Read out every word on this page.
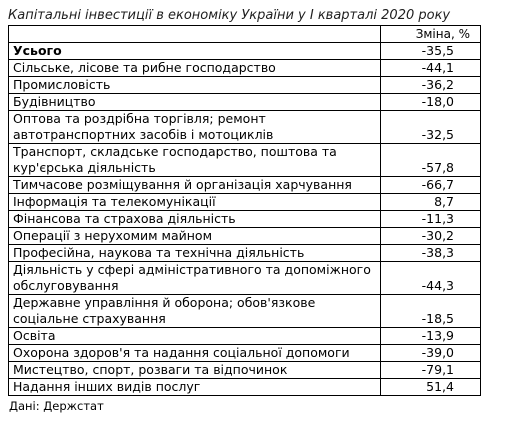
Капітальні інвестиції в економіку України у І кварталі 2020 року
	Зміна, %
Усього	-35,5
Сільське, лісове та рибне господарство	-44,1
Промисловість	-36,2
Будівництво	-18,0
Оптова та роздрібна торгівля; ремонт автотранспортних засобів і мотоциклів	-32,5
Транспорт, складське господарство, поштова та кур'єрська діяльність	-57,8
Тимчасове розміщування й організація харчування	-66,7
Інформація та телекомунікації	8,7
Фінансова та страхова діяльність	-11,3
Операції з нерухомим майном	-30,2
Професійна, наукова та технічна діяльність	-38,3
Діяльність у сфері адміністративного та допоміжного обслуговування	-44,3
Державне управління й оборона; обов'язкове соціальне страхування	-18,5
Освіта	-13,9
Охорона здоров'я та надання соціальної допомоги	-39,0
Мистецтво, спорт, розваги та відпочинок	-79,1
Надання інших видів послуг	51,4
Дані: Держстат
